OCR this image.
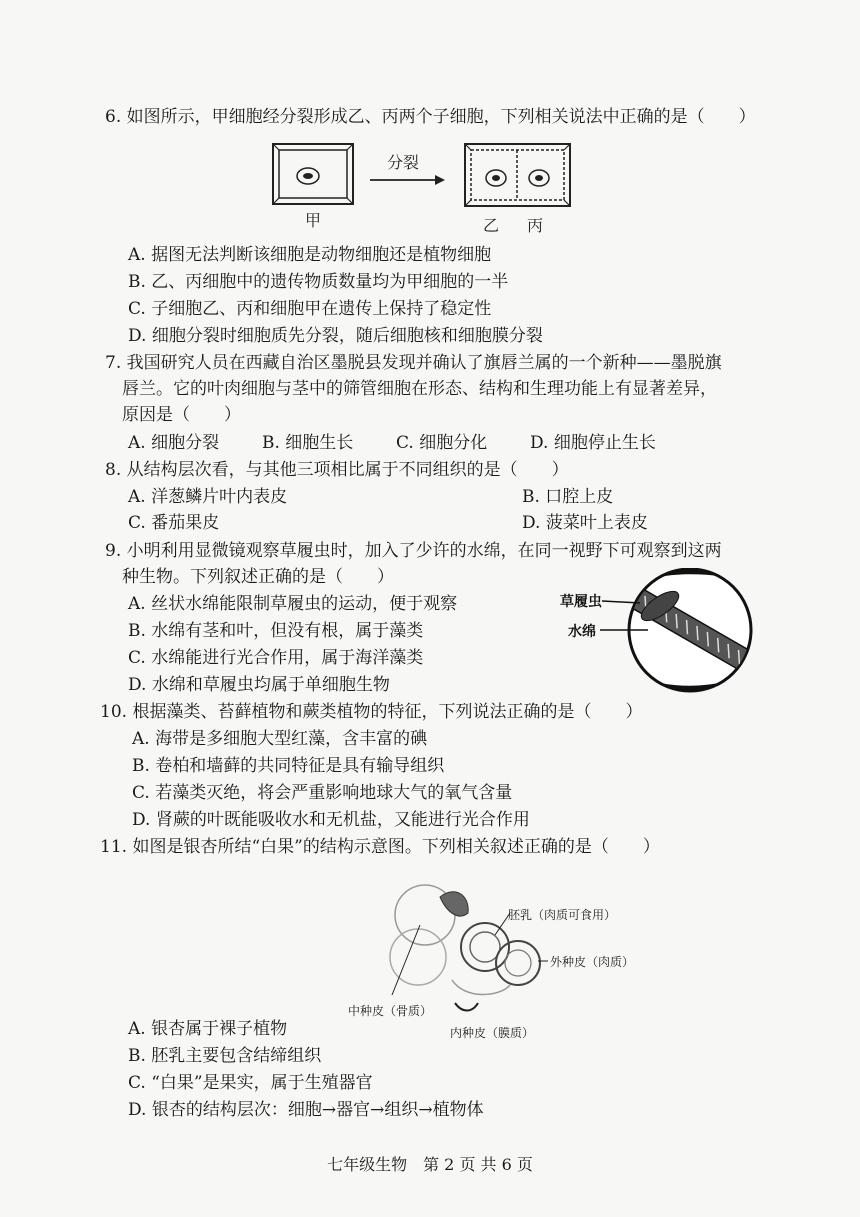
6. 如图所示，甲细胞经分裂形成乙、丙两个子细胞，下列相关说法中正确的是（　　）
分裂
甲	乙 丙
A. 据图无法判断该细胞是动物细胞还是植物细胞
B. 乙、丙细胞中的遗传物质数量均为甲细胞的一半
C. 子细胞乙、丙和细胞甲在遗传上保持了稳定性
D. 细胞分裂时细胞质先分裂，随后细胞核和细胞膜分裂
7. 我国研究人员在西藏自治区墨脱县发现并确认了旗唇兰属的一个新种——墨脱旗
唇兰。它的叶肉细胞与茎中的筛管细胞在形态、结构和生理功能上有显著差异，
原因是（　　）
A. 细胞分裂	B. 细胞生长	C. 细胞分化	D. 细胞停止生长
8. 从结构层次看，与其他三项相比属于不同组织的是（　　）
A. 洋葱鳞片叶内表皮	B. 口腔上皮
C. 番茄果皮	D. 菠菜叶上表皮
9. 小明利用显微镜观察草履虫时，加入了少许的水绵，在同一视野下可观察到这两
种生物。下列叙述正确的是（　　）
A. 丝状水绵能限制草履虫的运动，便于观察
B. 水绵有茎和叶，但没有根，属于藻类
C. 水绵能进行光合作用，属于海洋藻类
D. 水绵和草履虫均属于单细胞生物
草履虫
水绵
10. 根据藻类、苔藓植物和蕨类植物的特征，下列说法正确的是（　　）
A. 海带是多细胞大型红藻，含丰富的碘
B. 卷柏和墙藓的共同特征是具有输导组织
C. 若藻类灭绝，将会严重影响地球大气的氧气含量
D. 肾蕨的叶既能吸收水和无机盐，又能进行光合作用
11. 如图是银杏所结“白果”的结构示意图。下列相关叙述正确的是（　　）
胚乳（肉质可食用）
外种皮（肉质）
中种皮（骨质）
内种皮（膜质）
A. 银杏属于裸子植物
B. 胚乳主要包含结缔组织
C. “白果”是果实，属于生殖器官
D. 银杏的结构层次：细胞→器官→组织→植物体
七年级生物　第 2 页 共 6 页
